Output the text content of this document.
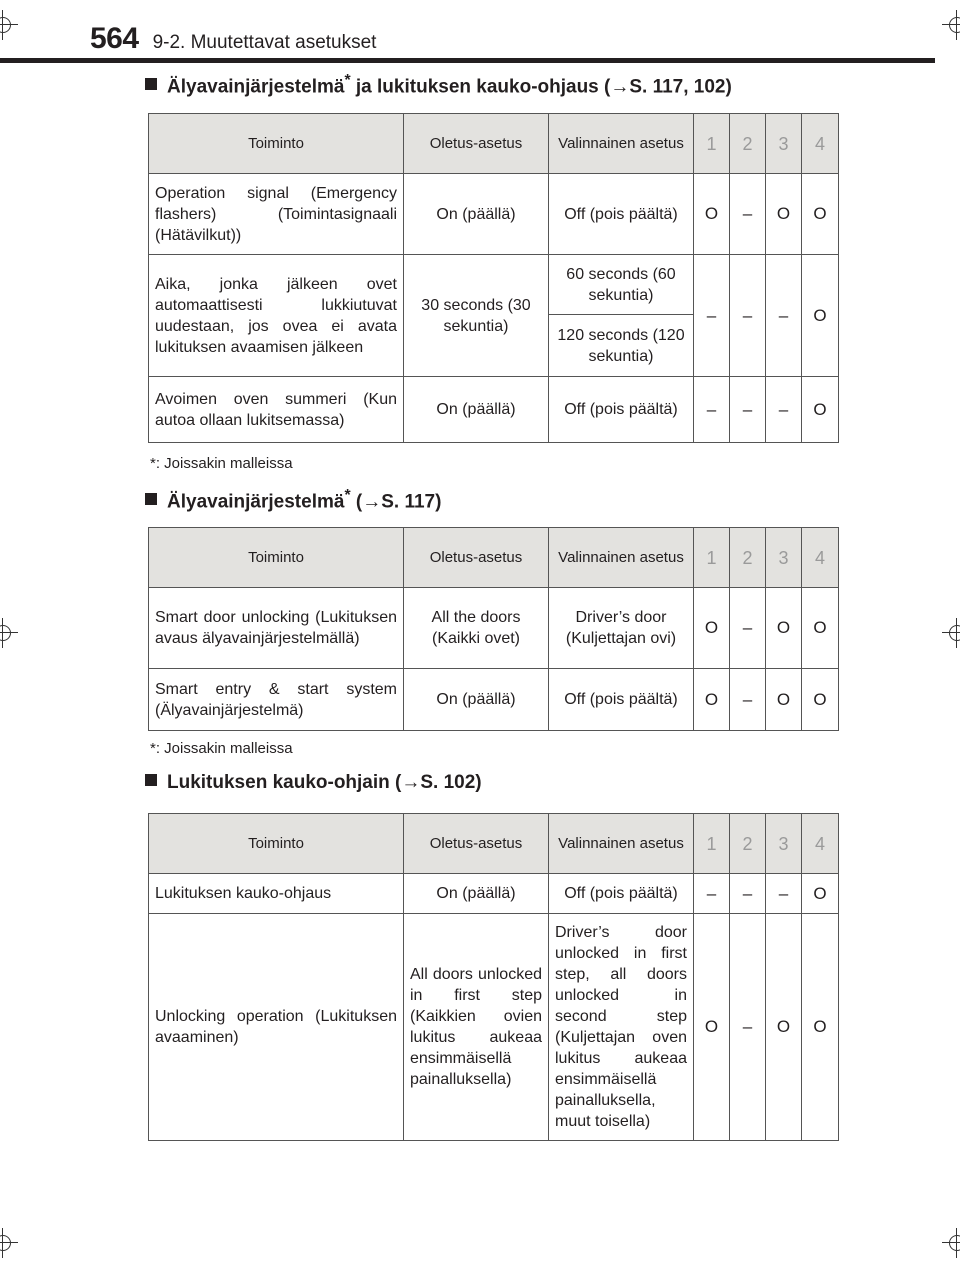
564 9-2. Muutettavat asetukset
Älyavainjärjestelmä* ja lukituksen kauko-ohjaus (→S. 117, 102)
Toiminto	Oletus-asetus	Valinnainen asetus	1	2	3	4
Operation signal (Emergency flashers) (Toimintasignaali (Hätävilkut))	On (päällä)	Off (pois päältä)	O	–	O	O
Aika, jonka jälkeen ovet automaattisesti lukkiutuvat uudestaan, jos ovea ei avata lukituksen avaamisen jälkeen	30 seconds (30 sekuntia)	60 seconds (60 sekuntia)	–	–	–	O
		120 seconds (120 sekuntia)				
Avoimen oven summeri (Kun autoa ollaan lukitsemassa)	On (päällä)	Off (pois päältä)	–	–	–	O
*: Joissakin malleissa
Älyavainjärjestelmä* (→S. 117)
Toiminto	Oletus-asetus	Valinnainen asetus	1	2	3	4
Smart door unlocking (Lukituksen avaus älyavainjärjestelmällä)	All the doors (Kaikki ovet)	Driver’s door (Kuljettajan ovi)	O	–	O	O
Smart entry & start system (Älyavainjärjestelmä)	On (päällä)	Off (pois päältä)	O	–	O	O
*: Joissakin malleissa
Lukituksen kauko-ohjain (→S. 102)
Toiminto	Oletus-asetus	Valinnainen asetus	1	2	3	4
Lukituksen kauko-ohjaus	On (päällä)	Off (pois päältä)	–	–	–	O
Unlocking operation (Lukituksen avaaminen)	All doors unlocked in first step (Kaikkien ovien lukitus aukeaa ensimmäisellä painalluksella)	Driver’s door unlocked in first step, all doors unlocked in second step (Kuljettajan oven lukitus aukeaa ensimmäisellä painalluksella, muut toisella)	O	–	O	O
